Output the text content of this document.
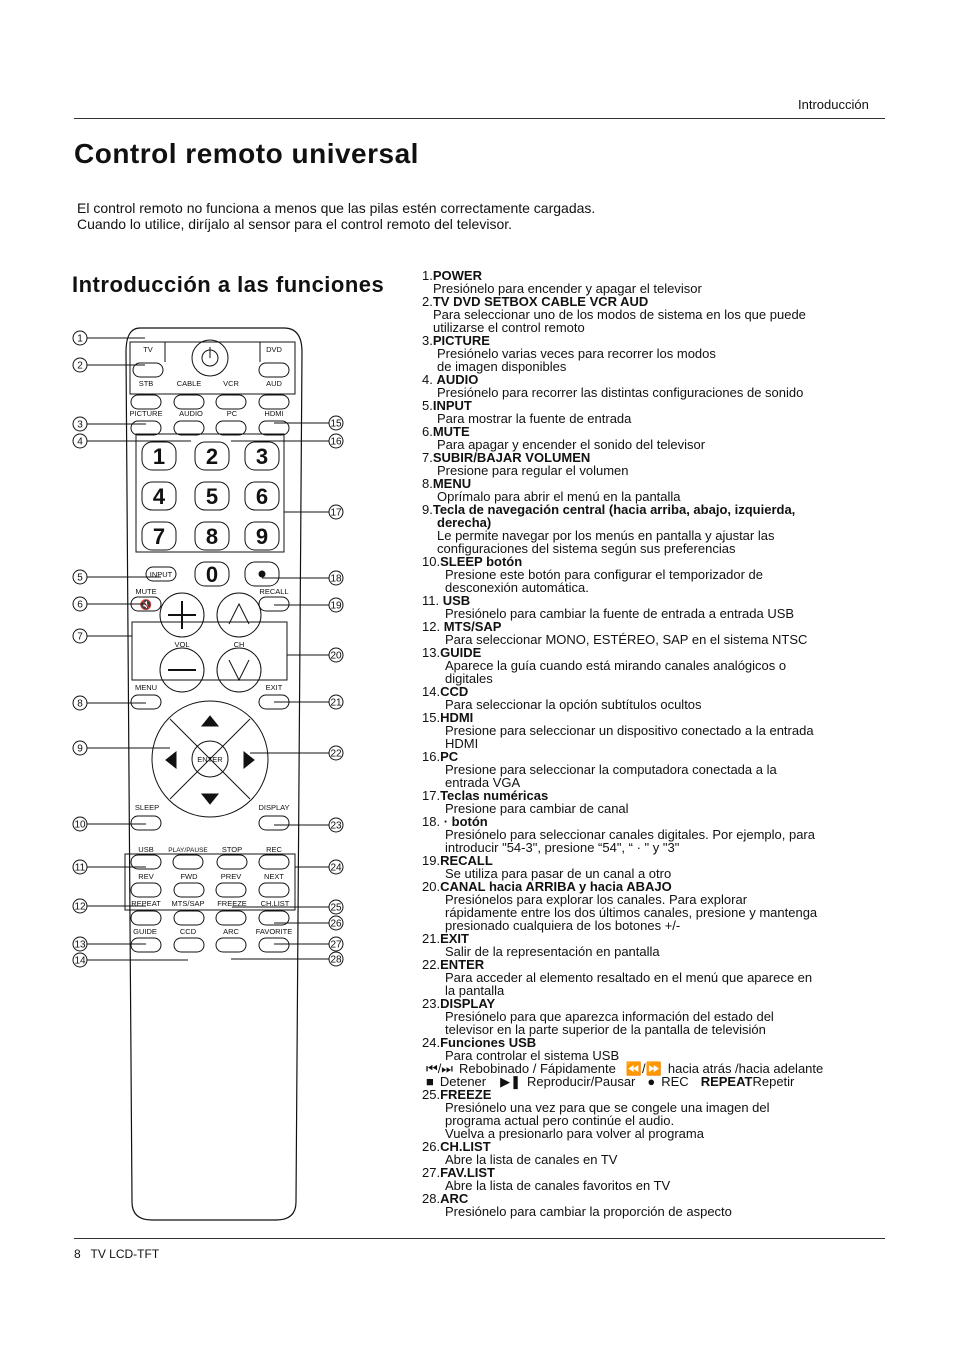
Introducción
Control remoto universal
El control remoto no funciona a menos que las pilas estén correctamente cargadas.
Cuando lo utilice, diríjalo al sensor para el control remoto del televisor.
Introducción a las funciones
TV	DVD
STB	CABLE	VCR	AUD
PICTURE AUDIO	PC	HDMI
1 2 3
4 5 6
7 8 9
INPUT 0
MUTE	RECALL
🔇
VOL	CH
MENU	EXIT
ENTER
SLEEP	DISPLAY
USB PLAY/PAUSE STOP	REC
REV	FWD	PREV	NEXT
REPEAT MTS/SAP FREEZE CH.LIST
GUIDE	CCD	ARC FAVORITE
1
2
3
4
5
6
7
8
9
10
11
12
13
14
15
16
17
18
19
20
21
22
23
24
25
26
27
28
1.POWER
Presiónelo para encender y apagar el televisor
2.TV DVD SETBOX CABLE VCR AUD
Para seleccionar uno de los modos de sistema en los que puede
utilizarse el control remoto
3.PICTURE
Presiónelo varias veces para recorrer los modos
de imagen disponibles
4. AUDIO
Presiónelo para recorrer las distintas configuraciones de sonido
5.INPUT
Para mostrar la fuente de entrada
6.MUTE
Para apagar y encender el sonido del televisor
7.SUBIR/BAJAR VOLUMEN
Presione para regular el volumen
8.MENU
Oprímalo para abrir el menú en la pantalla
9.Tecla de navegación central (hacia arriba, abajo, izquierda,
derecha)
Le permite navegar por los menús en pantalla y ajustar las
configuraciones del sistema según sus preferencias
10.SLEEP botón
Presione este botón para configurar el temporizador de
desconexión automática.
11. USB
Presiónelo para cambiar la fuente de entrada a entrada USB
12. MTS/SAP
Para seleccionar MONO, ESTÉREO, SAP en el sistema NTSC
13.GUIDE
Aparece la guía cuando está mirando canales analógicos o
digitales
14.CCD
Para seleccionar la opción subtítulos ocultos
15.HDMI
Presione para seleccionar un dispositivo conectado a la entrada
HDMI
16.PC
Presione para seleccionar la computadora conectada a la
entrada VGA
17.Teclas numéricas
Presione para cambiar de canal
18. · botón
Presiónelo para seleccionar canales digitales. Por ejemplo, para
introducir "54-3", presione “54", “ · " y "3"
19.RECALL
Se utiliza para pasar de un canal a otro
20.CANAL hacia ARRIBA y hacia ABAJO
Presiónelos para explorar los canales. Para explorar
rápidamente entre los dos últimos canales, presione y mantenga
presionado cualquiera de los botones +/-
21.EXIT
Salir de la representación en pantalla
22.ENTER
Para acceder al elemento resaltado en el menú que aparece en
la pantalla
23.DISPLAY
Presiónelo para que aparezca información del estado del
televisor en la parte superior de la pantalla de televisión
24.Funciones USB
Para controlar el sistema USB
⏮/⏭ Rebobinado / Fápidamente ⏪/⏩ hacia atrás /hacia adelante
■ Detener ▶❚ Reproducir/Pausar ● REC REPEATRepetir
25.FREEZE
Presiónelo una vez para que se congele una imagen del
programa actual pero continúe el audio.
Vuelva a presionarlo para volver al programa
26.CH.LIST
Abre la lista de canales en TV
27.FAV.LIST
Abre la lista de canales favoritos en TV
28.ARC
Presiónelo para cambiar la proporción de aspecto
8 TV LCD-TFT
